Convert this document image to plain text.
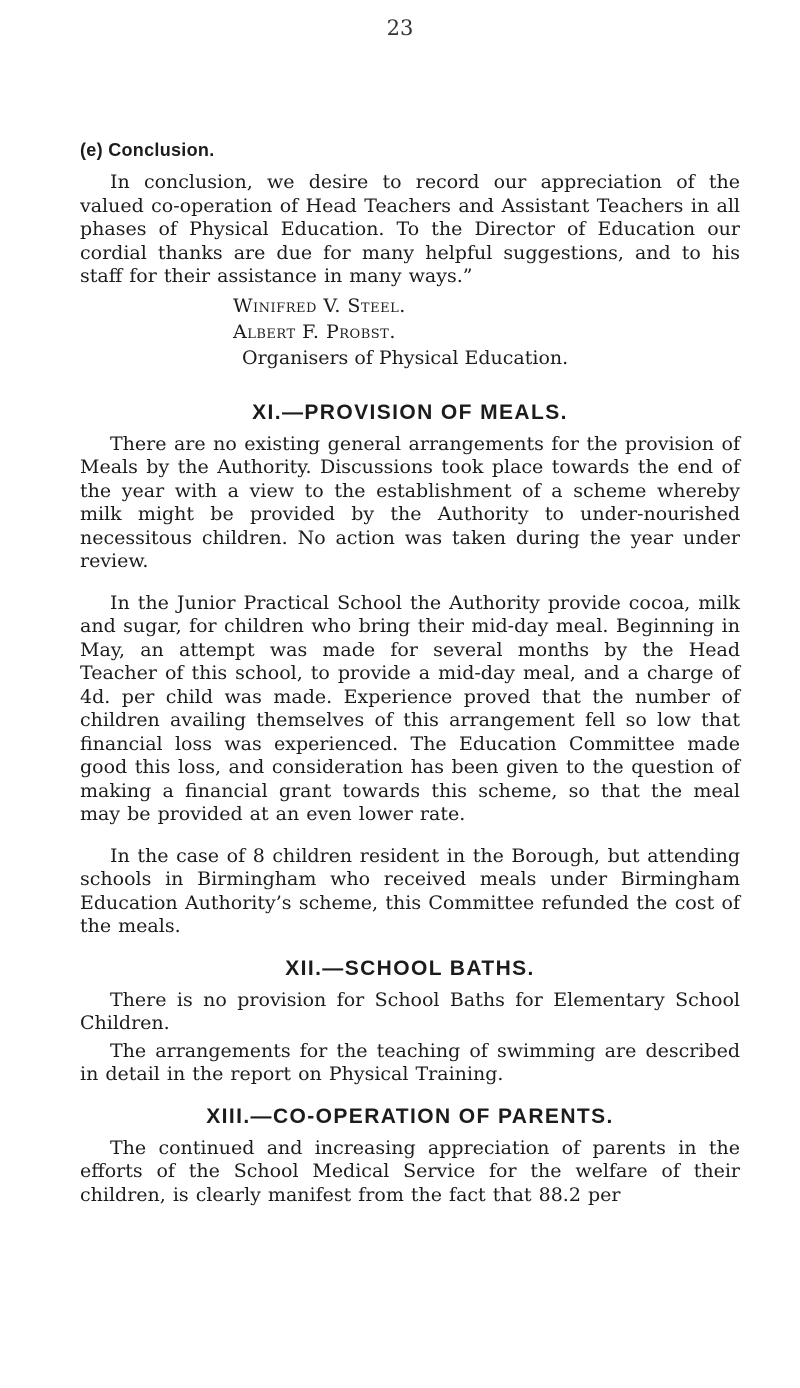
23
(e) Conclusion.

In conclusion, we desire to record our appreciation of the valued co-operation of Head Teachers and Assistant Teachers in all phases of Physical Education. To the Director of Education our cordial thanks are due for many helpful suggestions, and to his staff for their assistance in many ways.”

Winifred V. Steel.
Albert F. Probst.
Organisers of Physical Education.
XI.—PROVISION OF MEALS.

There are no existing general arrangements for the provision of Meals by the Authority. Discussions took place towards the end of the year with a view to the establishment of a scheme whereby milk might be provided by the Authority to under-nourished necessitous children. No action was taken during the year under review.

In the Junior Practical School the Authority provide cocoa, milk and sugar, for children who bring their mid-day meal. Beginning in May, an attempt was made for several months by the Head Teacher of this school, to provide a mid-day meal, and a charge of 4d. per child was made. Experience proved that the number of children availing themselves of this arrangement fell so low that financial loss was experienced. The Education Committee made good this loss, and consideration has been given to the question of making a financial grant towards this scheme, so that the meal may be provided at an even lower rate.

In the case of 8 children resident in the Borough, but attending schools in Birmingham who received meals under Birmingham Education Authority’s scheme, this Committee refunded the cost of the meals.

XII.—SCHOOL BATHS.

There is no provision for School Baths for Elementary School Children.

The arrangements for the teaching of swimming are described in detail in the report on Physical Training.

XIII.—CO-OPERATION OF PARENTS.

The continued and increasing appreciation of parents in the efforts of the School Medical Service for the welfare of their children, is clearly manifest from the fact that 88.2 per
